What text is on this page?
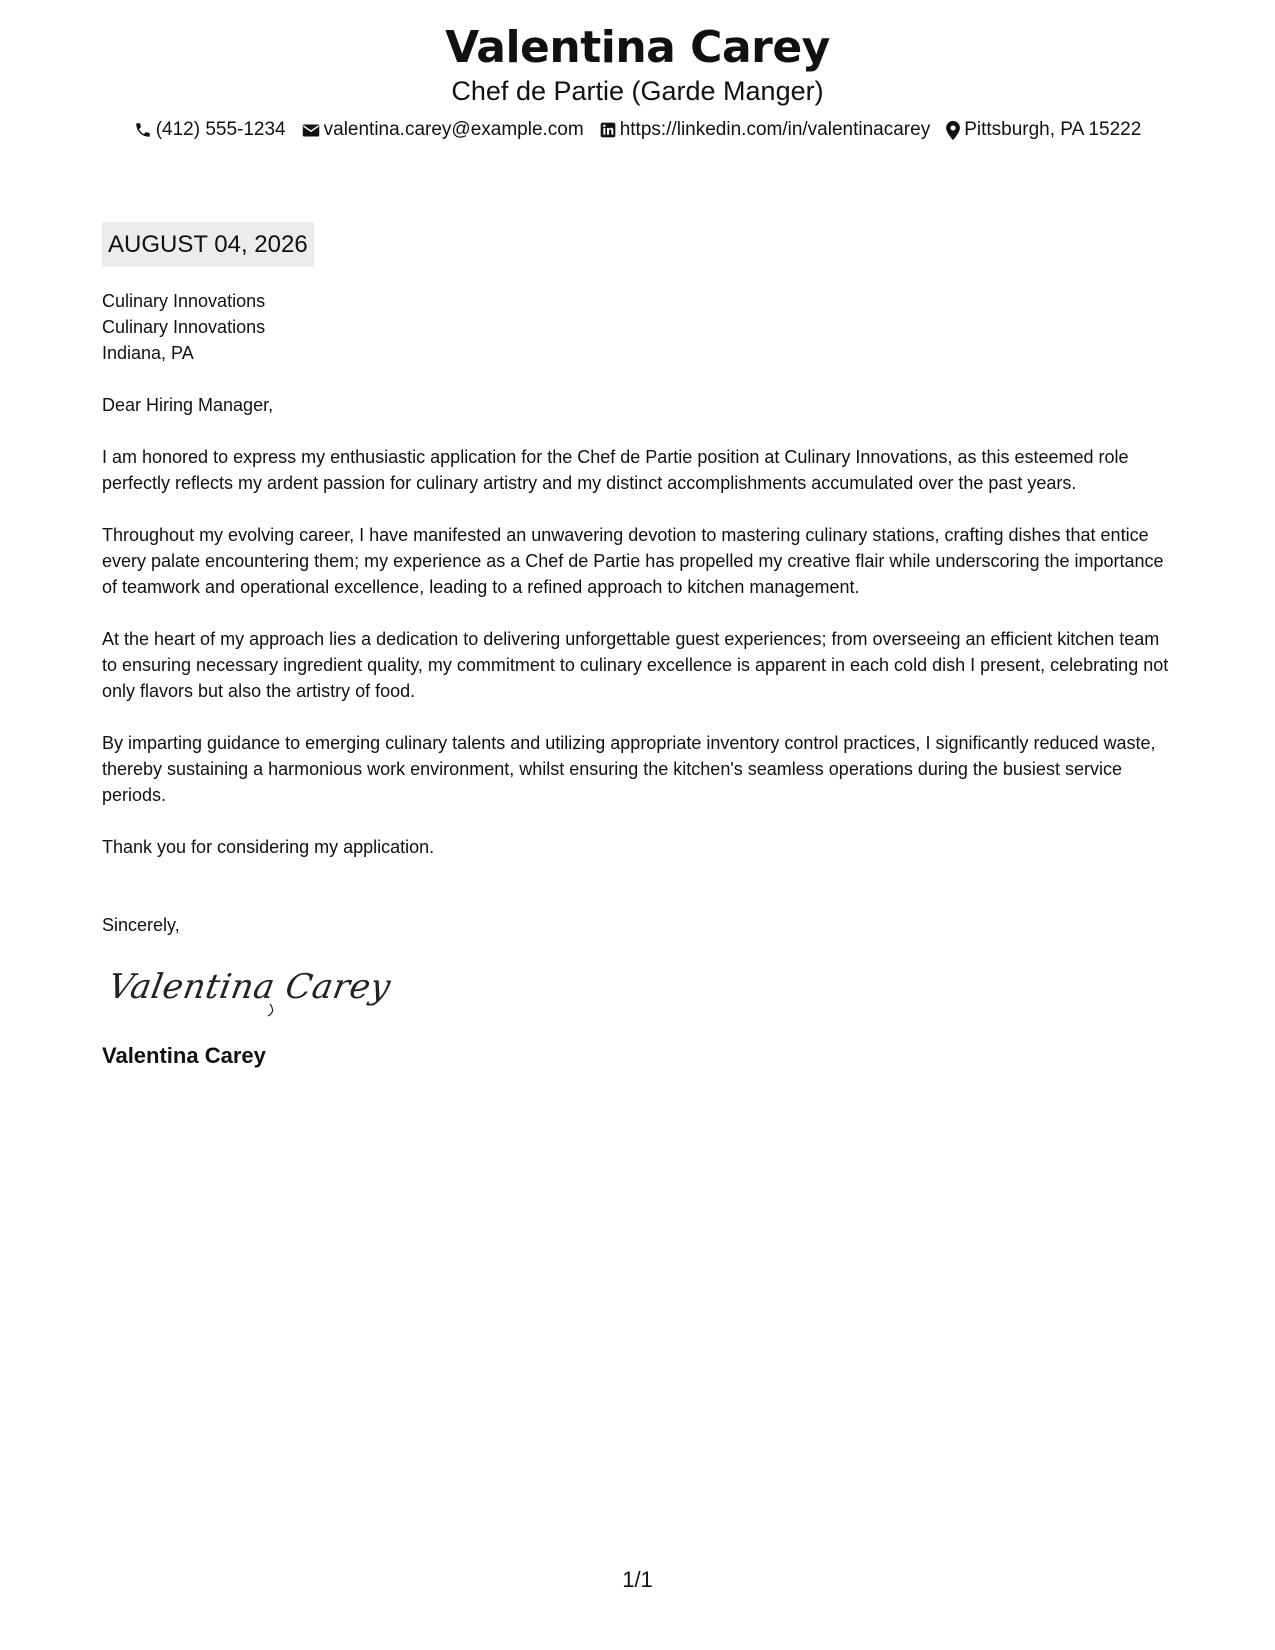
Valentina Carey
Chef de Partie (Garde Manger)
(412) 555-1234 valentina.carey@example.com https://linkedin.com/in/valentinacarey Pittsburgh, PA 15222
AUGUST 04, 2026
Culinary Innovations
Culinary Innovations
Indiana, PA
Dear Hiring Manager,

I am honored to express my enthusiastic application for the Chef de Partie position at Culinary Innovations, as this esteemed role perfectly reflects my ardent passion for culinary artistry and my distinct accomplishments accumulated over the past years.

Throughout my evolving career, I have manifested an unwavering devotion to mastering culinary stations, crafting dishes that entice every palate encountering them; my experience as a Chef de Partie has propelled my creative flair while underscoring the importance of teamwork and operational excellence, leading to a refined approach to kitchen management.

At the heart of my approach lies a dedication to delivering unforgettable guest experiences; from overseeing an efficient kitchen team to ensuring necessary ingredient quality, my commitment to culinary excellence is apparent in each cold dish I present, celebrating not only flavors but also the artistry of food.

By imparting guidance to emerging culinary talents and utilizing appropriate inventory control practices, I significantly reduced waste, thereby sustaining a harmonious work environment, whilst ensuring the kitchen's seamless operations during the busiest service periods.

Thank you for considering my application.
Sincerely,
Valentina Carey
Valentina Carey
1/1
